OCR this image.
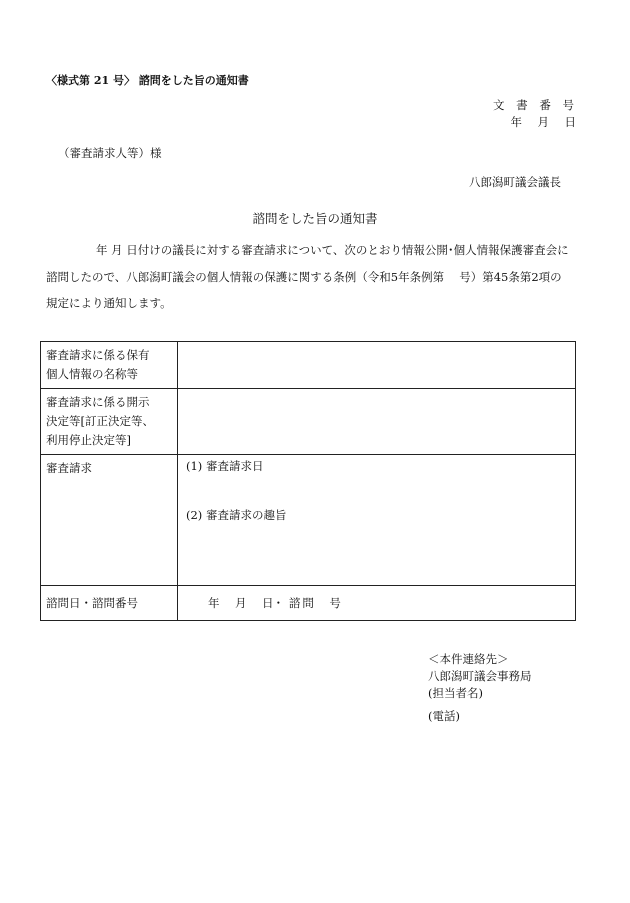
〈様式第 21 号〉 諮問をした旨の通知書
文 書 番 号
年　月　日
（審査請求人等）様
八郎潟町議会議長
諮問をした旨の通知書
年 月 日付けの議長に対する審査請求について、次のとおり情報公開･個人情報保護審査会に
諮問したので、八郎潟町議会の個人情報の保護に関する条例（令和5年条例第　 号）第45条第2項の
規定により通知します。
審査請求に係る保有
個人情報の名称等	

審査請求に係る開示
決定等[訂正決定等、
利用停止決定等]	

審査請求	(1) 審査請求日
(2) 審査請求の趣旨

諮問日・諮問番号	年　月　日･ 諮問　号
＜本件連絡先＞
八郎潟町議会事務局
(担当者名)
(電話)
